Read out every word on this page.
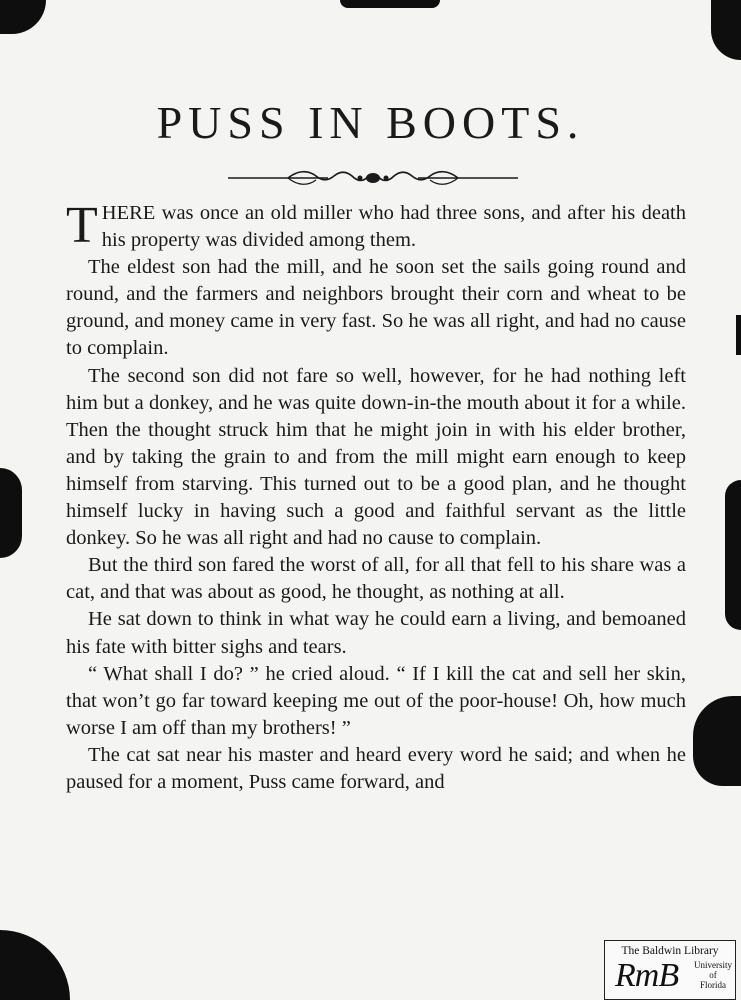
PUSS IN BOOTS.

THERE was once an old miller who had three sons, and after his death his property was divided among them.

The eldest son had the mill, and he soon set the sails going round and round, and the farmers and neighbors brought their corn and wheat to be ground, and money came in very fast. So he was all right, and had no cause to complain.

The second son did not fare so well, however, for he had nothing left him but a donkey, and he was quite down-in-the mouth about it for a while. Then the thought struck him that he might join in with his elder brother, and by taking the grain to and from the mill might earn enough to keep himself from starving. This turned out to be a good plan, and he thought himself lucky in having such a good and faithful servant as the little donkey. So he was all right and had no cause to complain.

But the third son fared the worst of all, for all that fell to his share was a cat, and that was about as good, he thought, as nothing at all.

He sat down to think in what way he could earn a living, and bemoaned his fate with bitter sighs and tears.

“ What shall I do? ” he cried aloud. “ If I kill the cat and sell her skin, that won’t go far toward keeping me out of the poor-house! Oh, how much worse I am off than my brothers! ”

The cat sat near his master and heard every word he said; and when he paused for a moment, Puss came forward, and

The Baldwin Library
RmB	University
of
Florida
